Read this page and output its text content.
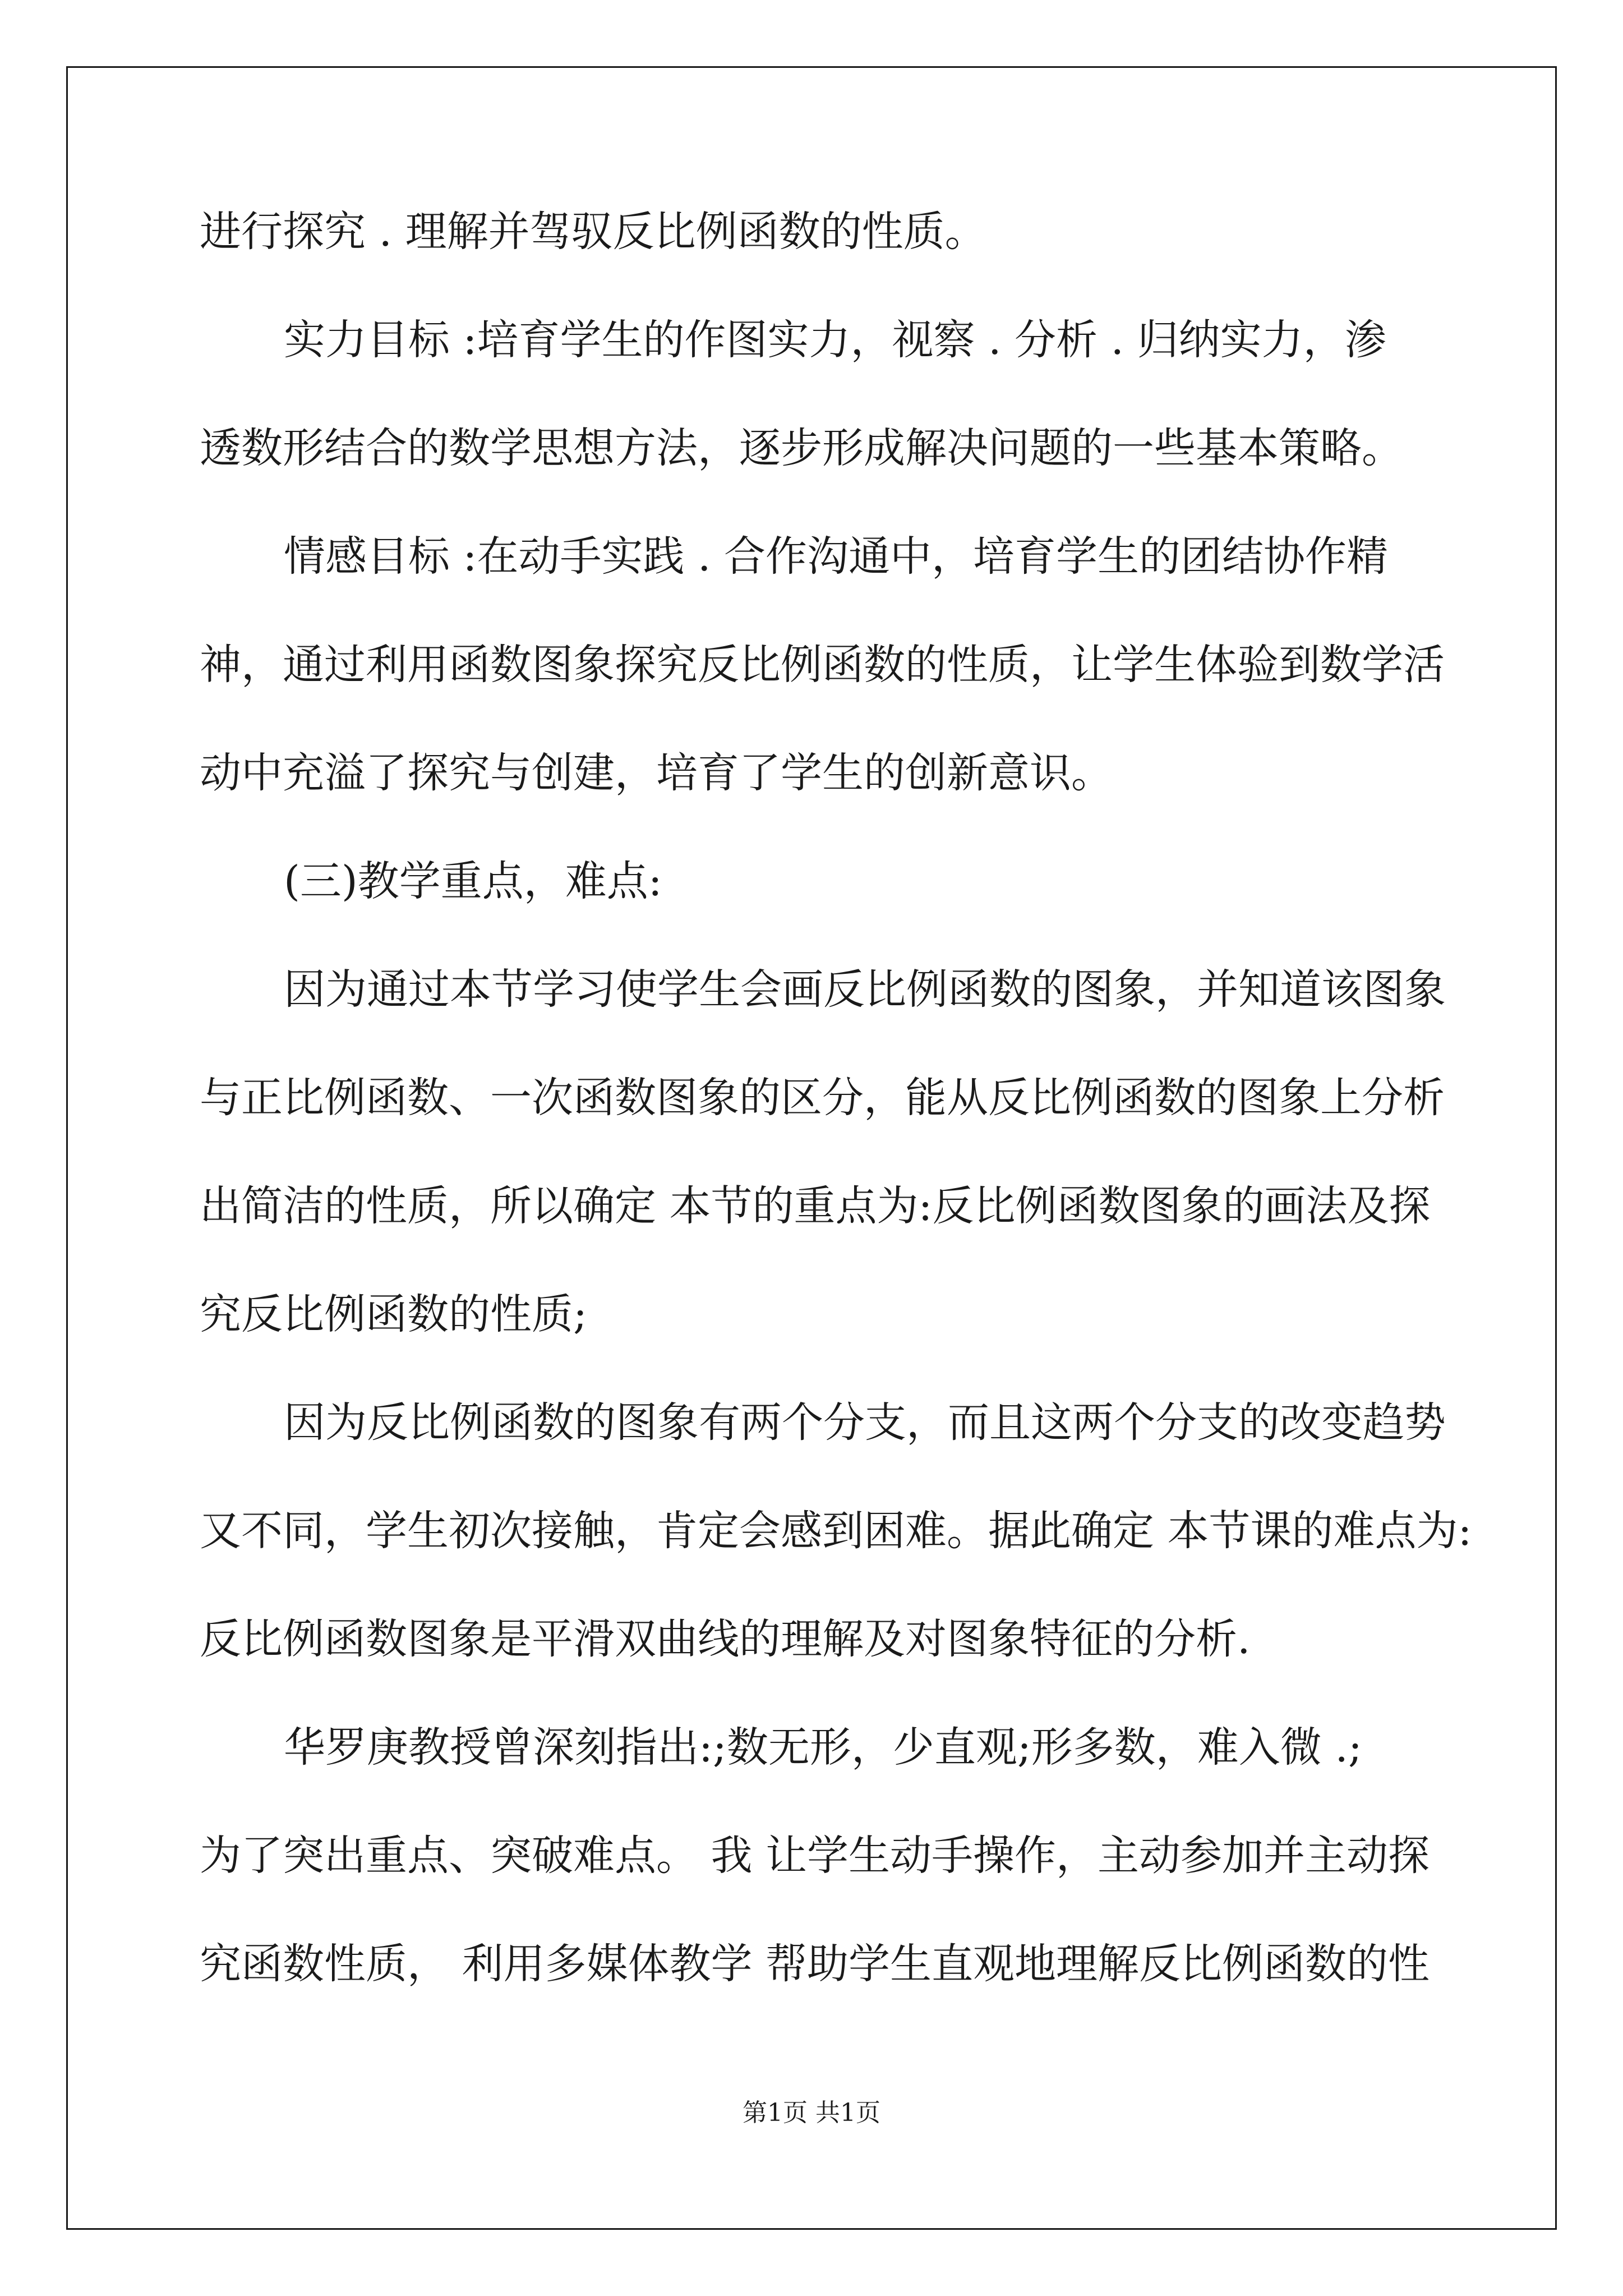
进行探究 . 理解并驾驭反比例函数的性质。

实力目标 :培育学生的作图实力，视察 . 分析 . 归纳实力，渗

透数形结合的数学思想方法，逐步形成解决问题的一些基本策略。

情感目标 :在动手实践 . 合作沟通中，培育学生的团结协作精

神，通过利用函数图象探究反比例函数的性质，让学生体验到数学活

动中充溢了探究与创建，培育了学生的创新意识。

(三)教学重点，难点:

因为通过本节学习使学生会画反比例函数的图象，并知道该图象

与正比例函数、一次函数图象的区分，能从反比例函数的图象上分析

出简洁的性质，所以确定 本节的重点为:反比例函数图象的画法及探

究反比例函数的性质;

因为反比例函数的图象有两个分支，而且这两个分支的改变趋势

又不同，学生初次接触，肯定会感到困难。据此确定 本节课的难点为:

反比例函数图象是平滑双曲线的理解及对图象特征的分析.

华罗庚教授曾深刻指出:;数无形，少直观;形多数，难入微 .;

为了突出重点、突破难点。 我 让学生动手操作，主动参加并主动探

究函数性质， 利用多媒体教学 帮助学生直观地理解反比例函数的性

第1页 共1页
